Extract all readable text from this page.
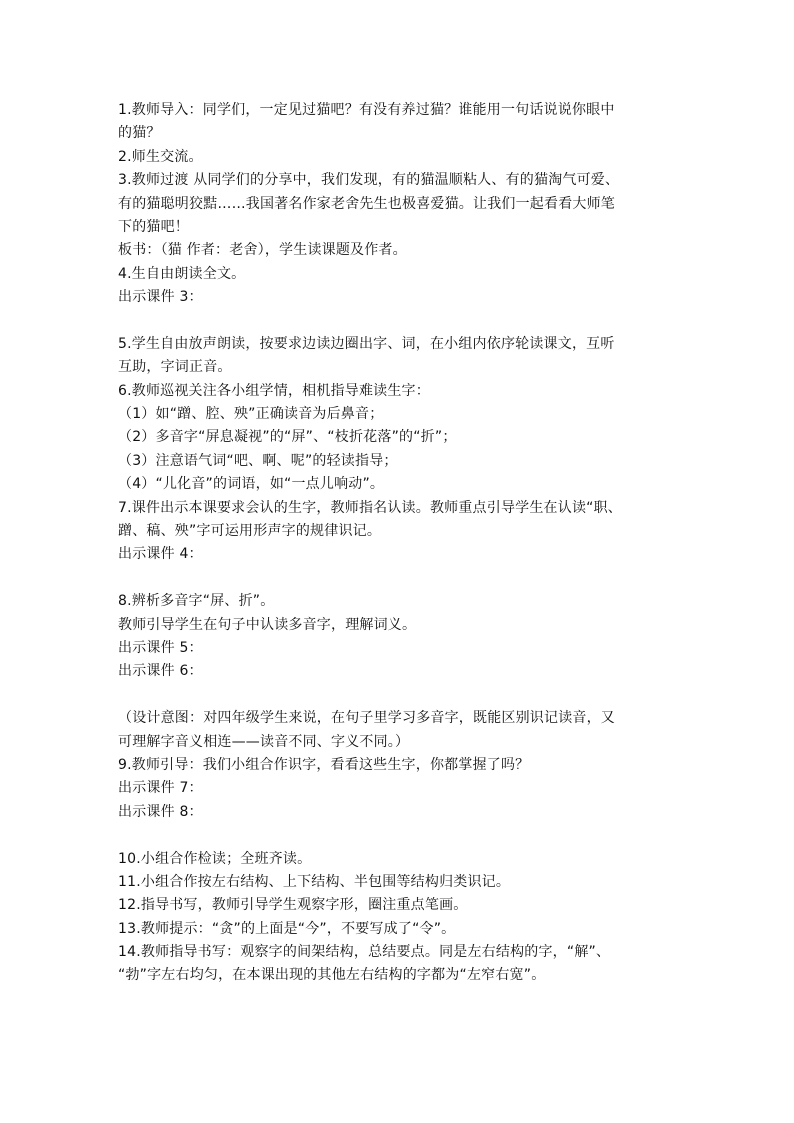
1.教师导入：同学们，一定见过猫吧？有没有养过猫？谁能用一句话说说你眼中
的猫？
2.师生交流。
3.教师过渡 从同学们的分享中，我们发现，有的猫温顺粘人、有的猫淘气可爱、
有的猫聪明狡黠……我国著名作家老舍先生也极喜爱猫。让我们一起看看大师笔
下的猫吧！
板书：（猫 作者：老舍），学生读课题及作者。
4.生自由朗读全文。
出示课件 3：
5.学生自由放声朗读，按要求边读边圈出字、词，在小组内依序轮读课文，互听
互助，字词正音。
6.教师巡视关注各小组学情，相机指导难读生字：
（1）如“蹭、腔、殃”正确读音为后鼻音；
（2）多音字“屏息凝视”的“屏”、“枝折花落”的“折”；
（3）注意语气词“吧、啊、呢”的轻读指导；
（4）“儿化音”的词语，如“一点儿响动”。
7.课件出示本课要求会认的生字，教师指名认读。教师重点引导学生在认读“职、
蹭、稿、殃”字可运用形声字的规律识记。
出示课件 4：
8.辨析多音字“屏、折”。
教师引导学生在句子中认读多音字，理解词义。
出示课件 5：
出示课件 6：
（设计意图：对四年级学生来说，在句子里学习多音字，既能区别识记读音，又
可理解字音义相连——读音不同、字义不同。）
9.教师引导：我们小组合作识字，看看这些生字，你都掌握了吗？
出示课件 7：
出示课件 8：
10.小组合作检读；全班齐读。
11.小组合作按左右结构、上下结构、半包围等结构归类识记。
12.指导书写，教师引导学生观察字形，圈注重点笔画。
13.教师提示：“贪”的上面是“今”，不要写成了“令”。
14.教师指导书写：观察字的间架结构，总结要点。同是左右结构的字，“解”、
“勃”字左右均匀，在本课出现的其他左右结构的字都为“左窄右宽”。
